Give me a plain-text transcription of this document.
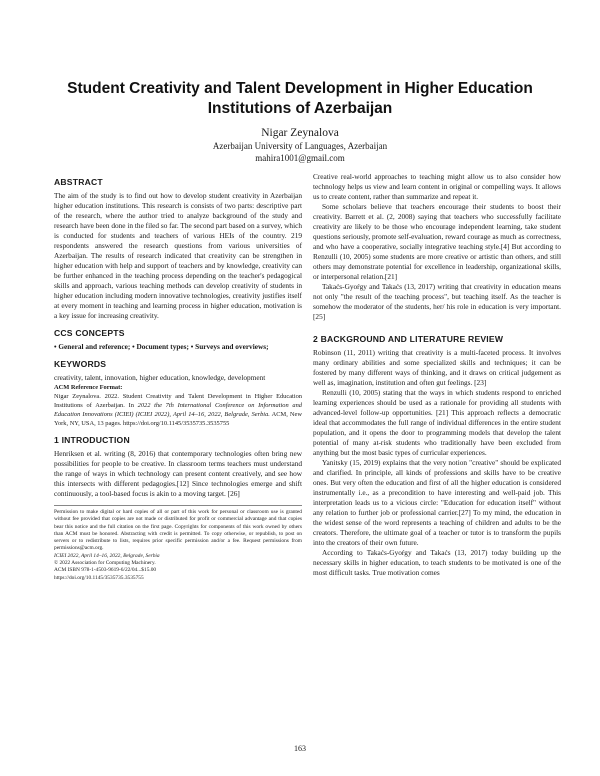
Student Creativity and Talent Development in Higher Education Institutions of Azerbaijan
Nigar Zeynalova
Azerbaijan University of Languages, Azerbaijan
mahira1001@gmail.com
ABSTRACT

The aim of the study is to find out how to develop student creativity in Azerbaijan higher education institutions. This research is consists of two parts: descriptive part of the research, where the author tried to analyze background of the study and research have been done in the filed so far. The second part based on a survey, which is conducted for students and teachers of various HEIs of the country. 219 respondents answered the research questions from various universities of Azerbaijan. The results of research indicated that creativity can be strengthen in higher education with help and support of teachers and by knowledge, creativity can be further enhanced in the teaching process depending on the teacher's pedagogical skills and approach, various teaching methods can develop creativity of students in higher education including modern innovative technologies, creativity justifies itself at every moment in teaching and learning process in higher education, motivation is a key issue for increasing creativity.

CCS CONCEPTS

• General and reference; • Document types; • Surveys and overviews;

KEYWORDS

creativity, talent, innovation, higher education, knowledge, development

ACM Reference Format:

Nigar Zeynalova. 2022. Student Creativity and Talent Development in Higher Education Institutions of Azerbaijan. In 2022 the 7th International Conference on Information and Education Innovations (ICIEI) (ICIEI 2022), April 14–16, 2022, Belgrade, Serbia. ACM, New York, NY, USA, 13 pages. https://doi.org/10.1145/3535735.3535755

1 INTRODUCTION

Henriksen et al. writing (8, 2016) that contemporary technologies often bring new possibilities for people to be creative. In classroom terms teachers must understand the range of ways in which technology can present content creatively, and see how this intersects with different pedagogies.[12] Since technologies emerge and shift continuously, a tool-based focus is akin to a moving target. [26]

Permission to make digital or hard copies of all or part of this work for personal or classroom use is granted without fee provided that copies are not made or distributed for profit or commercial advantage and that copies bear this notice and the full citation on the first page. Copyrights for components of this work owned by others than ACM must be honored. Abstracting with credit is permitted. To copy otherwise, or republish, to post on servers or to redistribute to lists, requires prior specific permission and/or a fee. Request permissions from permissions@acm.org.
ICIEI 2022, April 14–16, 2022, Belgrade, Serbia
© 2022 Association for Computing Machinery.
ACM ISBN 978-1-4503-9619-6/22/04...$15.00
https://doi.org/10.1145/3535735.3535755

Creative real-world approaches to teaching might allow us to also consider how technology helps us view and learn content in original or compelling ways. It allows us to create content, rather than summarize and repeat it.

Some scholars believe that teachers encourage their students to boost their creativity. Barrett et al. (2, 2008) saying that teachers who successfully facilitate creativity are likely to be those who encourage independent learning, take student questions seriously, promote self-evaluation, reward courage as much as correctness, and who have a cooperative, socially integrative teaching style.[4] But according to Renzulli (10, 2005) some students are more creative or artistic than others, and still others may demonstrate potential for excellence in leadership, organizational skills, or interpersonal relation.[21]

Takaćs-Gyoŕgy and Takaćs (13, 2017) writing that creativity in education means not only "the result of the teaching process", but teaching itself. As the teacher is somehow the moderator of the students, her/ his role in education is very important. [25]

2 BACKGROUND AND LITERATURE REVIEW

Robinson (11, 2011) writing that creativity is a multi-faceted process. It involves many ordinary abilities and some specialized skills and techniques; it can be fostered by many different ways of thinking, and it draws on critical judgement as well as, imagination, institution and often gut feelings. [23]

Renzulli (10, 2005) stating that the ways in which students respond to enriched learning experiences should be used as a rationale for providing all students with advanced-level follow-up opportunities. [21] This approach reflects a democratic ideal that accommodates the full range of individual differences in the entire student population, and it opens the door to programming models that develop the talent potential of many at-risk students who traditionally have been excluded from anything but the most basic types of curricular experiences.

Yanitsky (15, 2019) explains that the very notion "creative" should be explicated and clarified. In principle, all kinds of professions and skills have to be creative ones. But very often the education and first of all the higher education is considered instrumentally i.e., as a precondition to have interesting and well-paid job. This interpretation leads us to a vicious circle: "Education for education itself" without any relation to further job or professional carrier.[27] To my mind, the education in the widest sense of the word represents a teaching of children and adults to be the creators. Therefore, the ultimate goal of a teacher or tutor is to transform the pupils into the creators of their own future.

According to Takaćs-Gyoŕgy and Takaćs (13, 2017) today building up the necessary skills in higher education, to teach students to be motivated is one of the most difficult tasks. True motivation comes

163
